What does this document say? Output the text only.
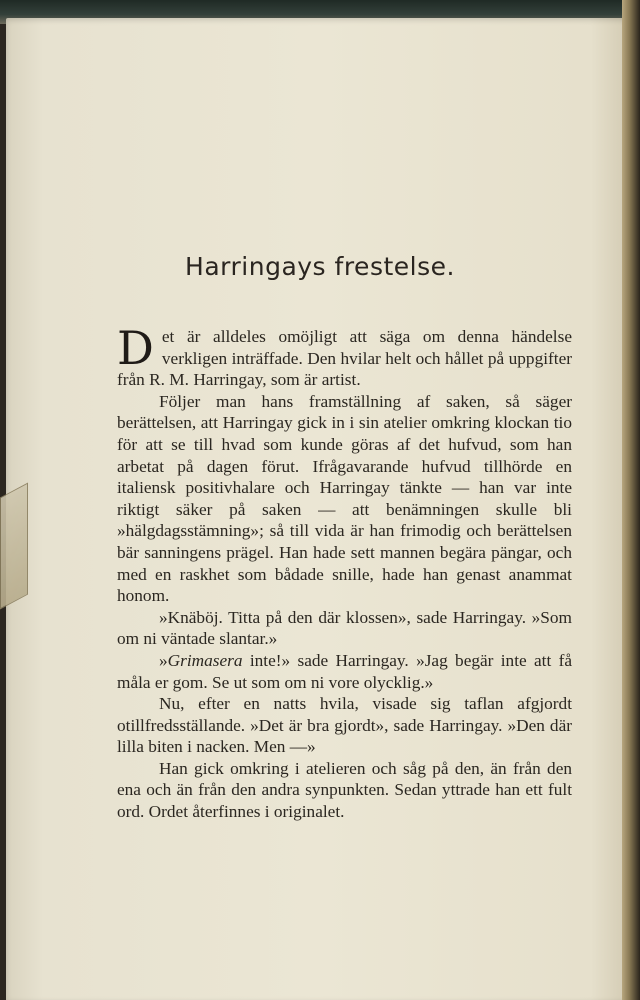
Harringays frestelse.

Det är alldeles omöjligt att säga om denna händelse verkligen inträffade. Den hvilar helt och hållet på uppgifter från R. M. Harringay, som är artist.

Följer man hans framställning af saken, så säger berättelsen, att Harringay gick in i sin atelier omkring klockan tio för att se till hvad som kunde göras af det hufvud, som han arbetat på dagen förut. Ifrågavarande hufvud tillhörde en italiensk positivhalare och Harringay tänkte — han var inte riktigt säker på saken — att benämningen skulle bli »hälgdagsstämning»; så till vida är han frimodig och berättelsen bär sanningens prägel. Han hade sett mannen begära pängar, och med en raskhet som bådade snille, hade han genast anammat honom.

»Knäböj. Titta på den där klossen», sade Harringay. »Som om ni väntade slantar.»

»Grimasera inte!» sade Harringay. »Jag begär inte att få måla er gom. Se ut som om ni vore olycklig.»

Nu, efter en natts hvila, visade sig taflan afgjordt otillfredsställande. »Det är bra gjordt», sade Harringay. »Den där lilla biten i nacken. Men —»

Han gick omkring i atelieren och såg på den, än från den ena och än från den andra synpunkten. Sedan yttrade han ett fult ord. Ordet återfinnes i originalet.
